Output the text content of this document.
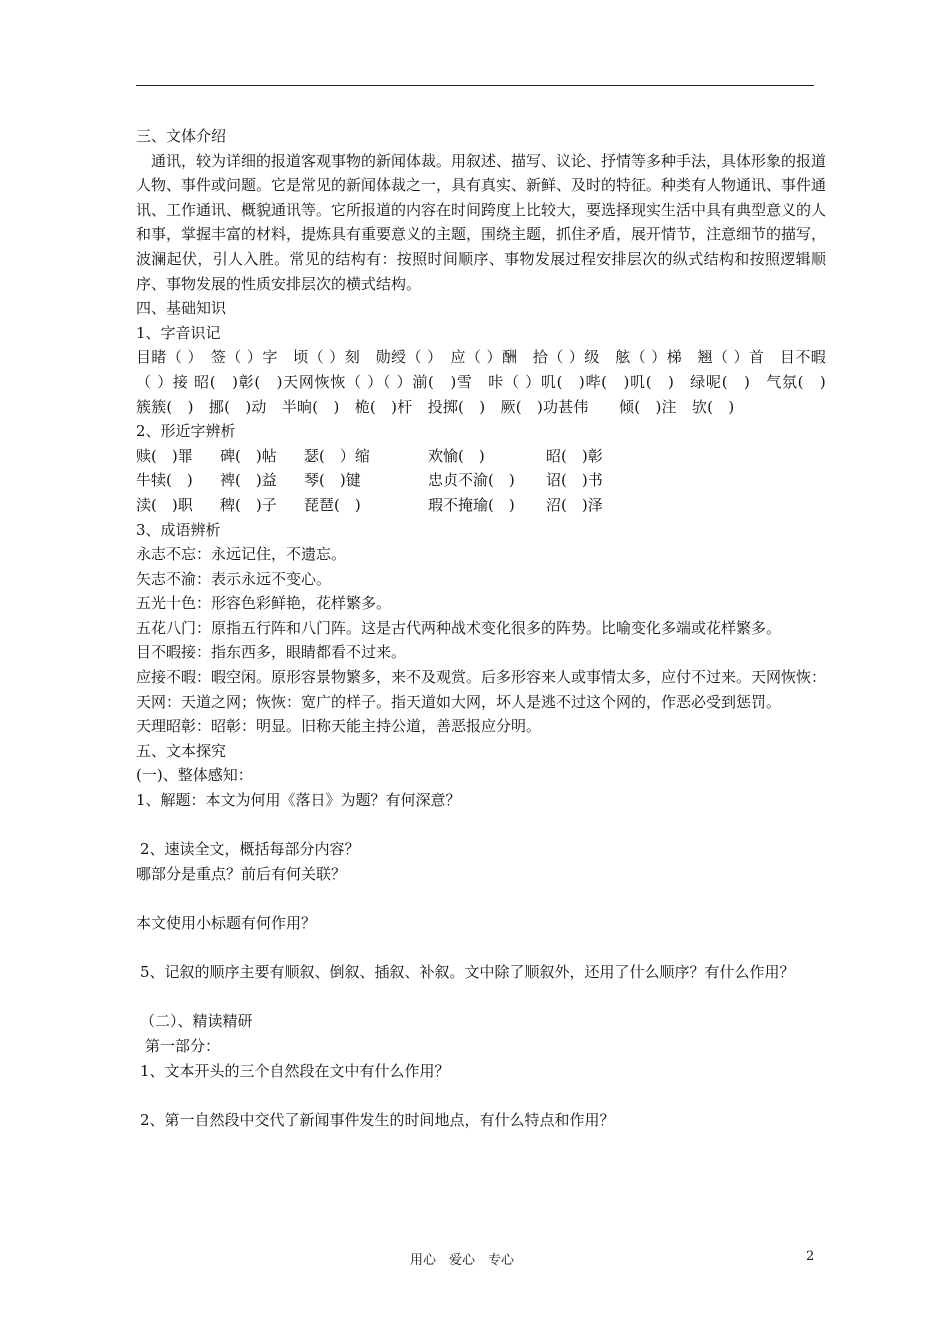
三、文体介绍
通讯，较为详细的报道客观事物的新闻体裁。用叙述、描写、议论、抒情等多种手法，具体形象的报道人物、事件或问题。它是常见的新闻体裁之一，具有真实、新鲜、及时的特征。种类有人物通讯、事件通讯、工作通讯、概貌通讯等。它所报道的内容在时间跨度上比较大，要选择现实生活中具有典型意义的人和事，掌握丰富的材料，提炼具有重要意义的主题，围绕主题，抓住矛盾，展开情节，注意细节的描写，波澜起伏，引人入胜。常见的结构有：按照时间顺序、事物发展过程安排层次的纵式结构和按照逻辑顺序、事物发展的性质安排层次的横式结构。
四、基础知识
1、字音识记
目睹（ ）　签（ ）字　顷（ ）刻　勋绶（ ）　应（ ）酬　拾（ ）级　舷（ ）梯　翘（ ）首　目不暇（ ）接 昭(　)彰(　)天网恢恢（ ）（ ）湔(　)雪　咔（ ）叽(　)哔(　)叽(　)　绿呢(　)　气氛(　)　簇簇(　)　挪(　)动　半晌(　)　桅(　)杆　投掷(　)　厥(　)功甚伟　　倾(　)注　欤(　)
2、形近字辨析
赎(　)罪	碑(　)帖	瑟(　）缩	欢愉(　)	昭(　)彰
牛犊(　)	裨(　)益	琴(　)键	忠贞不渝(　)	诏(　)书
渎(　)职	稗(　)子	琵琶(　)	瑕不掩瑜(　)	沼(　)泽
3、成语辨析
永志不忘：永远记住，不遗忘。
矢志不渝：表示永远不变心。
五光十色：形容色彩鲜艳，花样繁多。
五花八门：原指五行阵和八门阵。这是古代两种战术变化很多的阵势。比喻变化多端或花样繁多。
目不暇接：指东西多，眼睛都看不过来。
应接不暇：暇空闲。原形容景物繁多，来不及观赏。后多形容来人或事情太多，应付不过来。天网恢恢：天网：天道之网；恢恢：宽广的样子。指天道如大网，坏人是逃不过这个网的，作恶必受到惩罚。
天理昭彰：昭彰：明显。旧称天能主持公道，善恶报应分明。
五、文本探究
(一)、整体感知：
1、解题：本文为何用《落日》为题？有何深意？
2、速读全文，概括每部分内容？
哪部分是重点？前后有何关联？
本文使用小标题有何作用？
5、记叙的顺序主要有顺叙、倒叙、插叙、补叙。文中除了顺叙外，还用了什么顺序？有什么作用？
（二）、精读精研
第一部分：
1、文本开头的三个自然段在文中有什么作用？
2、第一自然段中交代了新闻事件发生的时间地点，有什么特点和作用？
用心　爱心　专心	2
